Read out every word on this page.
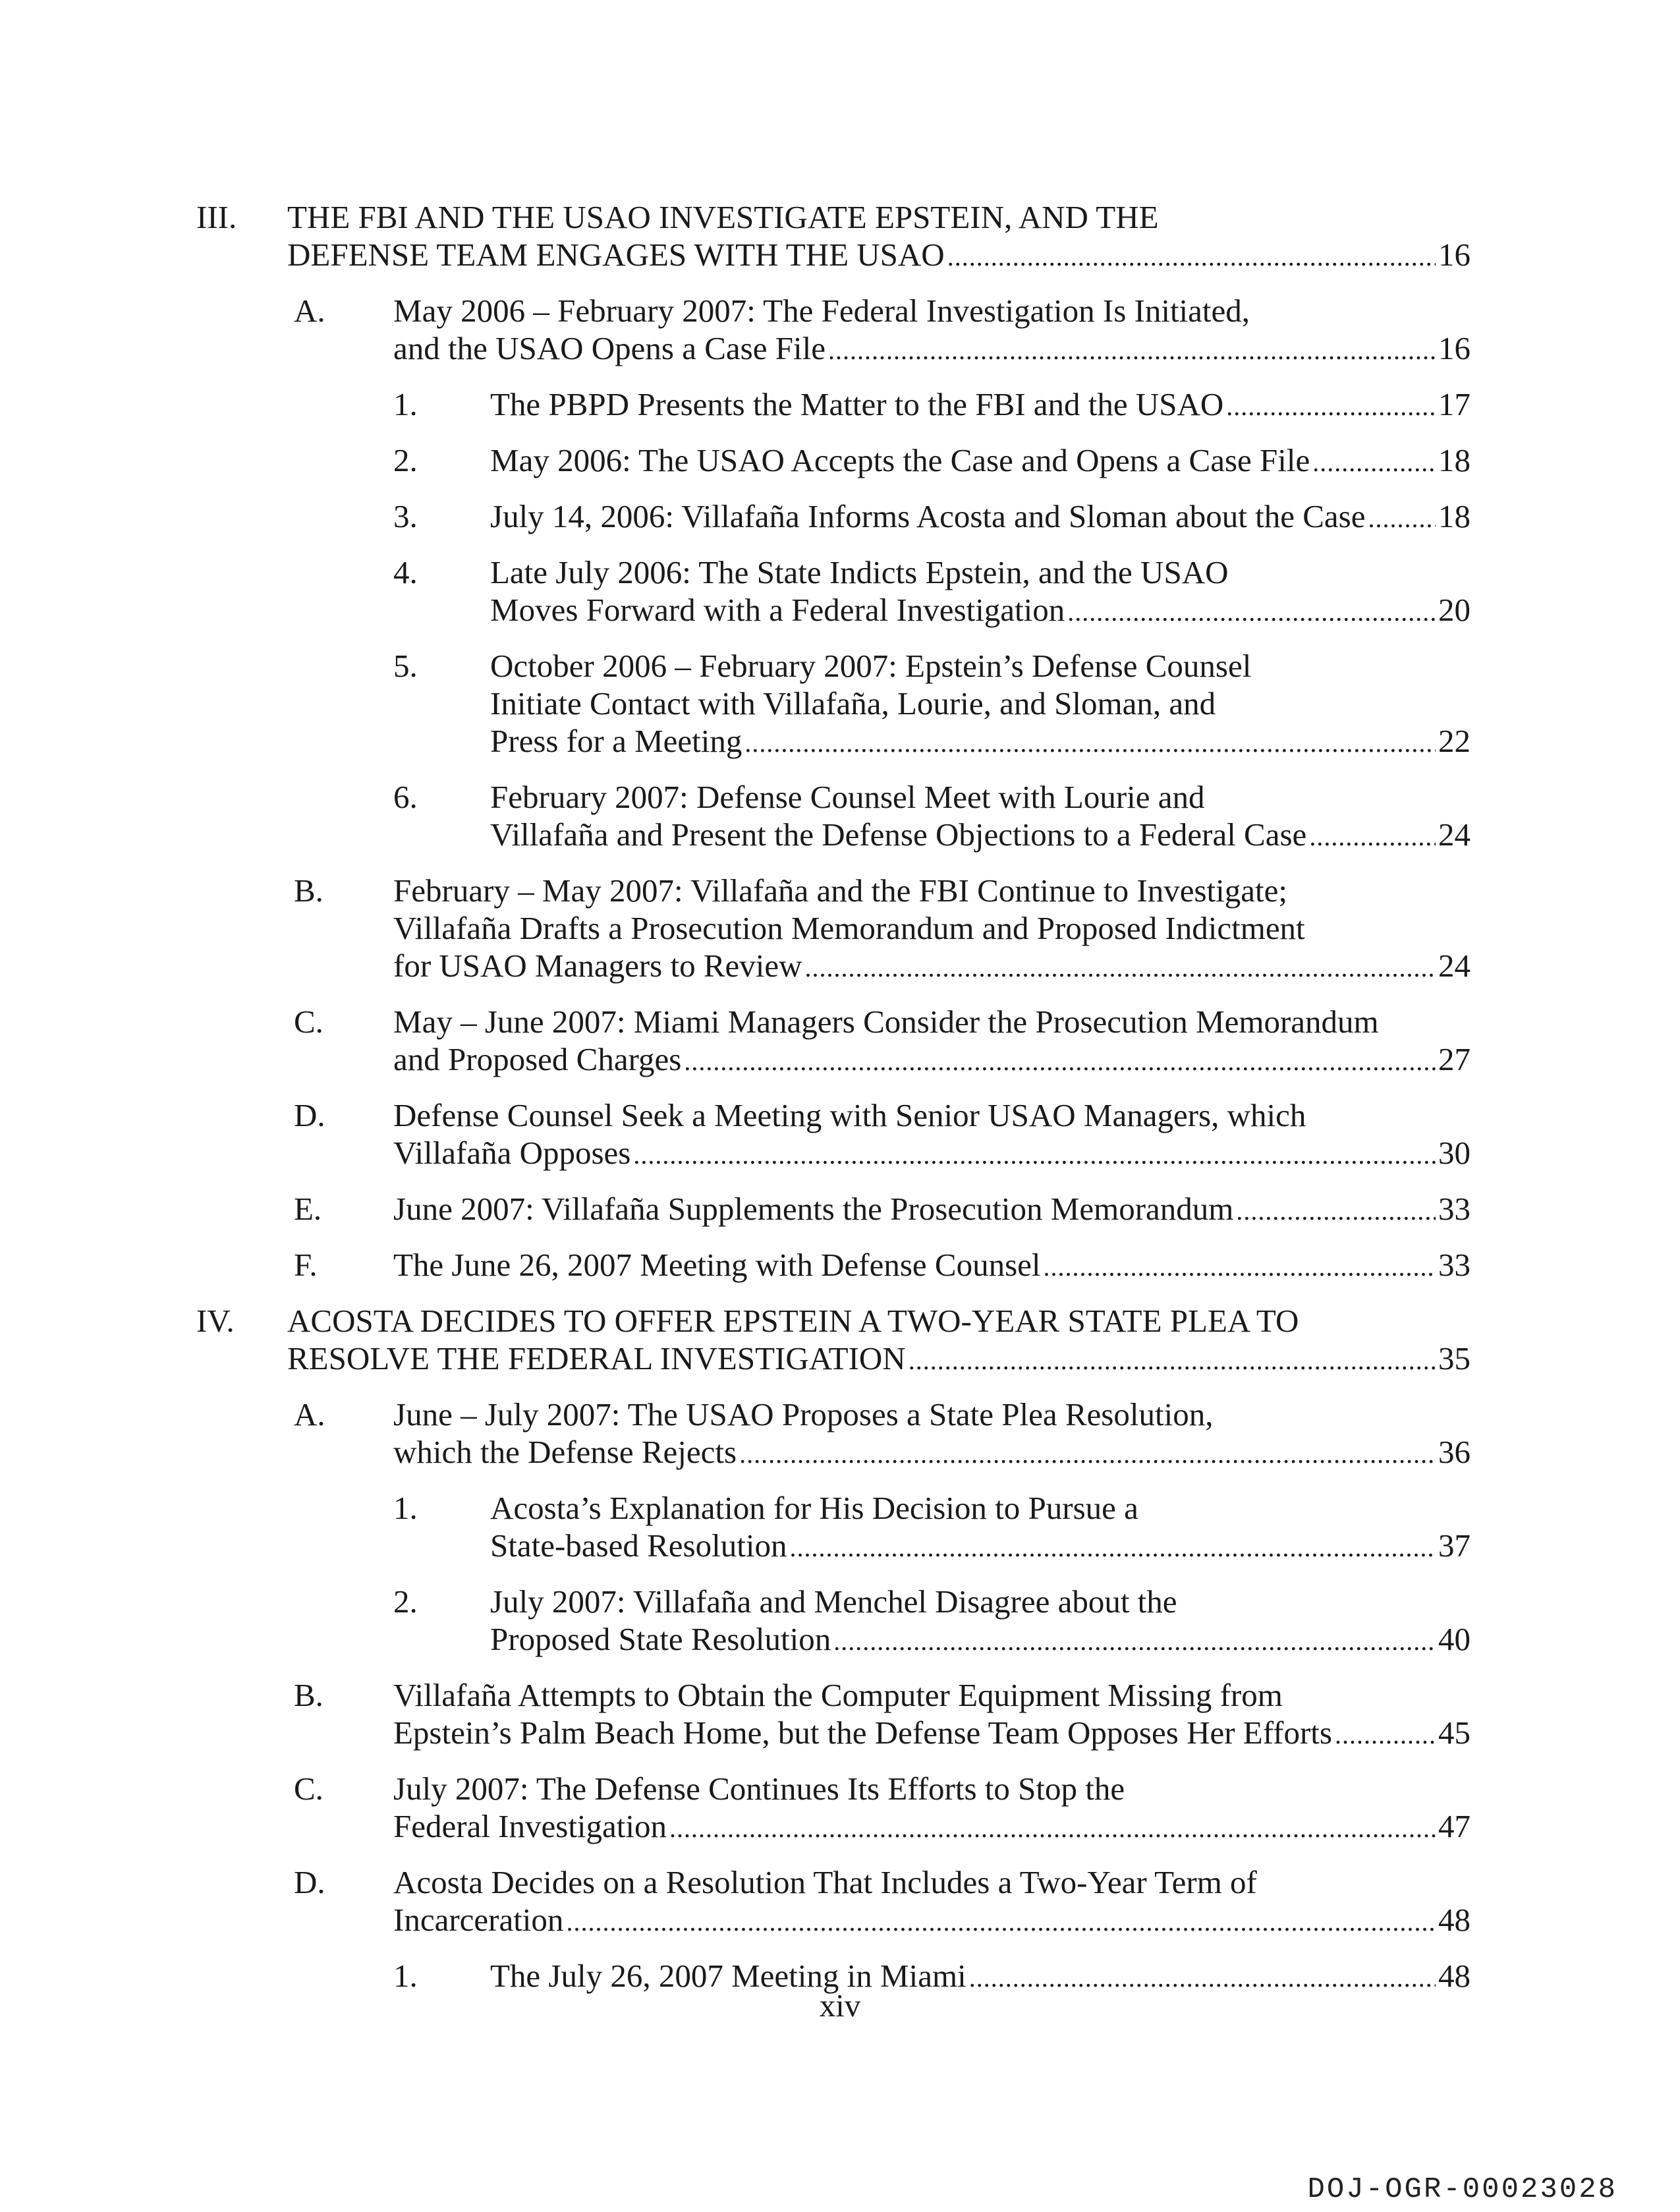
III. THE FBI AND THE USAO INVESTIGATE EPSTEIN, AND THE
DEFENSE TEAM ENGAGES WITH THE USAO .....	16
A. May 2006 – February 2007: The Federal Investigation Is Initiated,
and the USAO Opens a Case File .....	16
1. The PBPD Presents the Matter to the FBI and the USAO .....	17
2. May 2006: The USAO Accepts the Case and Opens a Case File .....	18
3. July 14, 2006: Villafaña Informs Acosta and Sloman about the Case ..... 18
4. Late July 2006: The State Indicts Epstein, and the USAO
Moves Forward with a Federal Investigation .....	20
5. October 2006 – February 2007: Epstein’s Defense Counsel
Initiate Contact with Villafaña, Lourie, and Sloman, and
Press for a Meeting .....	22
6. February 2007: Defense Counsel Meet with Lourie and
Villafaña and Present the Defense Objections to a Federal Case .....	24
B. February – May 2007: Villafaña and the FBI Continue to Investigate;
Villafaña Drafts a Prosecution Memorandum and Proposed Indictment
for USAO Managers to Review .....	24
C. May – June 2007: Miami Managers Consider the Prosecution Memorandum
and Proposed Charges .....	27
D. Defense Counsel Seek a Meeting with Senior USAO Managers, which
Villafaña Opposes .....	30
E. June 2007: Villafaña Supplements the Prosecution Memorandum .....	33
F. The June 26, 2007 Meeting with Defense Counsel .....	33
IV. ACOSTA DECIDES TO OFFER EPSTEIN A TWO-YEAR STATE PLEA TO
RESOLVE THE FEDERAL INVESTIGATION .....	35
A. June – July 2007: The USAO Proposes a State Plea Resolution,
which the Defense Rejects .....	36
1. Acosta’s Explanation for His Decision to Pursue a
State-based Resolution .....	37
2. July 2007: Villafaña and Menchel Disagree about the
Proposed State Resolution .....	40
B. Villafaña Attempts to Obtain the Computer Equipment Missing from
Epstein’s Palm Beach Home, but the Defense Team Opposes Her Efforts .....	45
C. July 2007: The Defense Continues Its Efforts to Stop the
Federal Investigation .....	47
D. Acosta Decides on a Resolution That Includes a Two-Year Term of
Incarceration .....	48
1. The July 26, 2007 Meeting in Miami .....	48
xiv
DOJ-OGR-00023028
